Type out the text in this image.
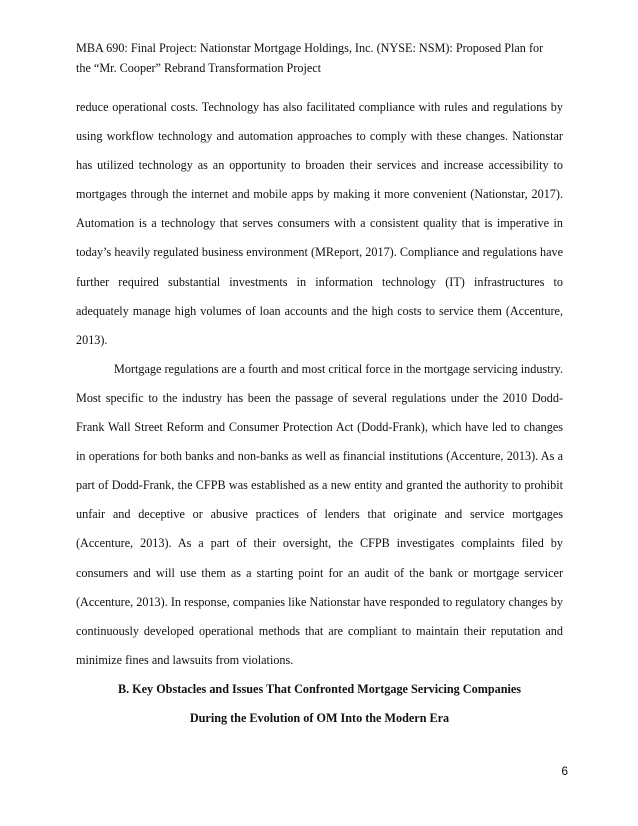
MBA 690: Final Project: Nationstar Mortgage Holdings, Inc. (NYSE: NSM): Proposed Plan for
the “Mr. Cooper” Rebrand Transformation Project

reduce operational costs. Technology has also facilitated compliance with rules and regulations by using workflow technology and automation approaches to comply with these changes. Nationstar has utilized technology as an opportunity to broaden their services and increase accessibility to mortgages through the internet and mobile apps by making it more convenient (Nationstar, 2017). Automation is a technology that serves consumers with a consistent quality that is imperative in today’s heavily regulated business environment (MReport, 2017). Compliance and regulations have further required substantial investments in information technology (IT) infrastructures to adequately manage high volumes of loan accounts and the high costs to service them (Accenture, 2013).

Mortgage regulations are a fourth and most critical force in the mortgage servicing industry. Most specific to the industry has been the passage of several regulations under the 2010 Dodd-Frank Wall Street Reform and Consumer Protection Act (Dodd-Frank), which have led to changes in operations for both banks and non-banks as well as financial institutions (Accenture, 2013). As a part of Dodd-Frank, the CFPB was established as a new entity and granted the authority to prohibit unfair and deceptive or abusive practices of lenders that originate and service mortgages (Accenture, 2013). As a part of their oversight, the CFPB investigates complaints filed by consumers and will use them as a starting point for an audit of the bank or mortgage servicer (Accenture, 2013). In response, companies like Nationstar have responded to regulatory changes by continuously developed operational methods that are compliant to maintain their reputation and minimize fines and lawsuits from violations.

B. Key Obstacles and Issues That Confronted Mortgage Servicing Companies

During the Evolution of OM Into the Modern Era

6
